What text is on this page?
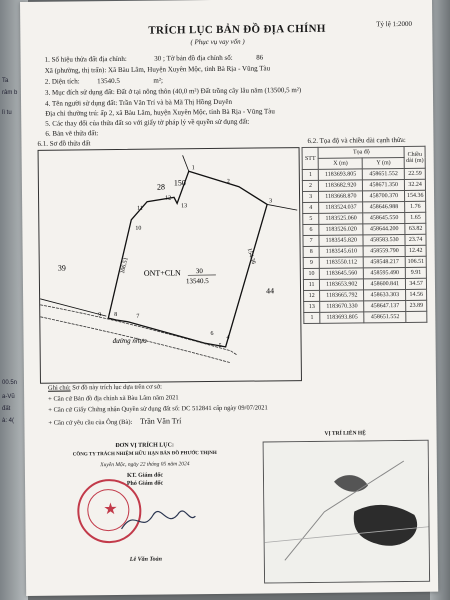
Ta
râm b
lì tu
00.5n
a-Vũ
đất
à: 4(
TRÍCH LỤC BẢN ĐỒ ĐỊA CHÍNH
( Phục vụ vay vốn )
Tỷ lệ 1:2000
1. Số hiệu thửa đất địa chính:	30 ; Tờ bản đồ địa chính số:	86
Xã (phường, thị trấn): Xã Bàu Lâm, Huyện Xuyên Mộc, tỉnh Bà Rịa - Vũng Tàu
2. Diện tích: 13540.5	m²;
3. Mục đích sử dụng đất: Đất ở tại nông thôn (40,0 m²) Đất trồng cây lâu năm (13500,5 m²)
4. Tên người sử dụng đất: Trần Văn Trí và bà Mã Thị Hồng Duyên
Địa chỉ thường trú: ấp 2, xã Bàu Lâm, huyện Xuyên Mộc, tỉnh Bà Rịa - Vũng Tàu
5. Các thay đổi của thửa đất so với giấy tờ pháp lý về quyền sử dụng đất:
6. Bản vẽ thửa đất:
6.1. Sơ đồ thửa đất	6.2. Tọa độ và chiều dài cạnh thửa:
150
28
39
44
đường nhựa
ONT+CLN 30
13540.5
106.51
154.36
1
2
3
4
5
6
7
8
9
10
11
12
13
STT	Tọa độ		Chiều dài (m)
	X (m)	Y (m)	
1	1183693.805	458651.552	22.59
2	1183682.920	458671.350	32.24
3	1183668.870	458700.370	154.36
4	1183524.037	458646.988	1.76
5	1183525.060	458645.550	1.65
6	1183526.020	458644.200	63.82
7	1183545.820	458583.530	23.74
8	1183545.610	458559.790	12.42
9	1183550.112	458548.217	106.51
10	1183645.560	458595.490	9.91
11	1183653.902	458600.841	34.57
12	1183665.792	458633.303	14.56
13	1183670.330	458647.137	23.89
1	1183693.805	458651.552	
Ghi chú: Sơ đồ này trích lục dựa trên cơ sở:
+ Căn cứ Bản đồ địa chính xã Bàu Lâm năm 2021
+ Căn cứ Giấy Chứng nhận Quyền sử dụng đất số: DC 512841 cấp ngày 09/07/2021
+ Căn cứ yêu cầu của Ông (Bà): Trần Văn Trí
ĐƠN VỊ TRÍCH LỤC:
CÔNG TY TRÁCH NHIỆM HỮU HẠN BẢN ĐỒ PHƯỚC THỊNH
Xuyên Mộc, ngày 22 tháng 05 năm 2024
KT. Giám đốc
Phó Giám đốc
★
Lê Văn Toản
VỊ TRÍ LIÊN HỆ
